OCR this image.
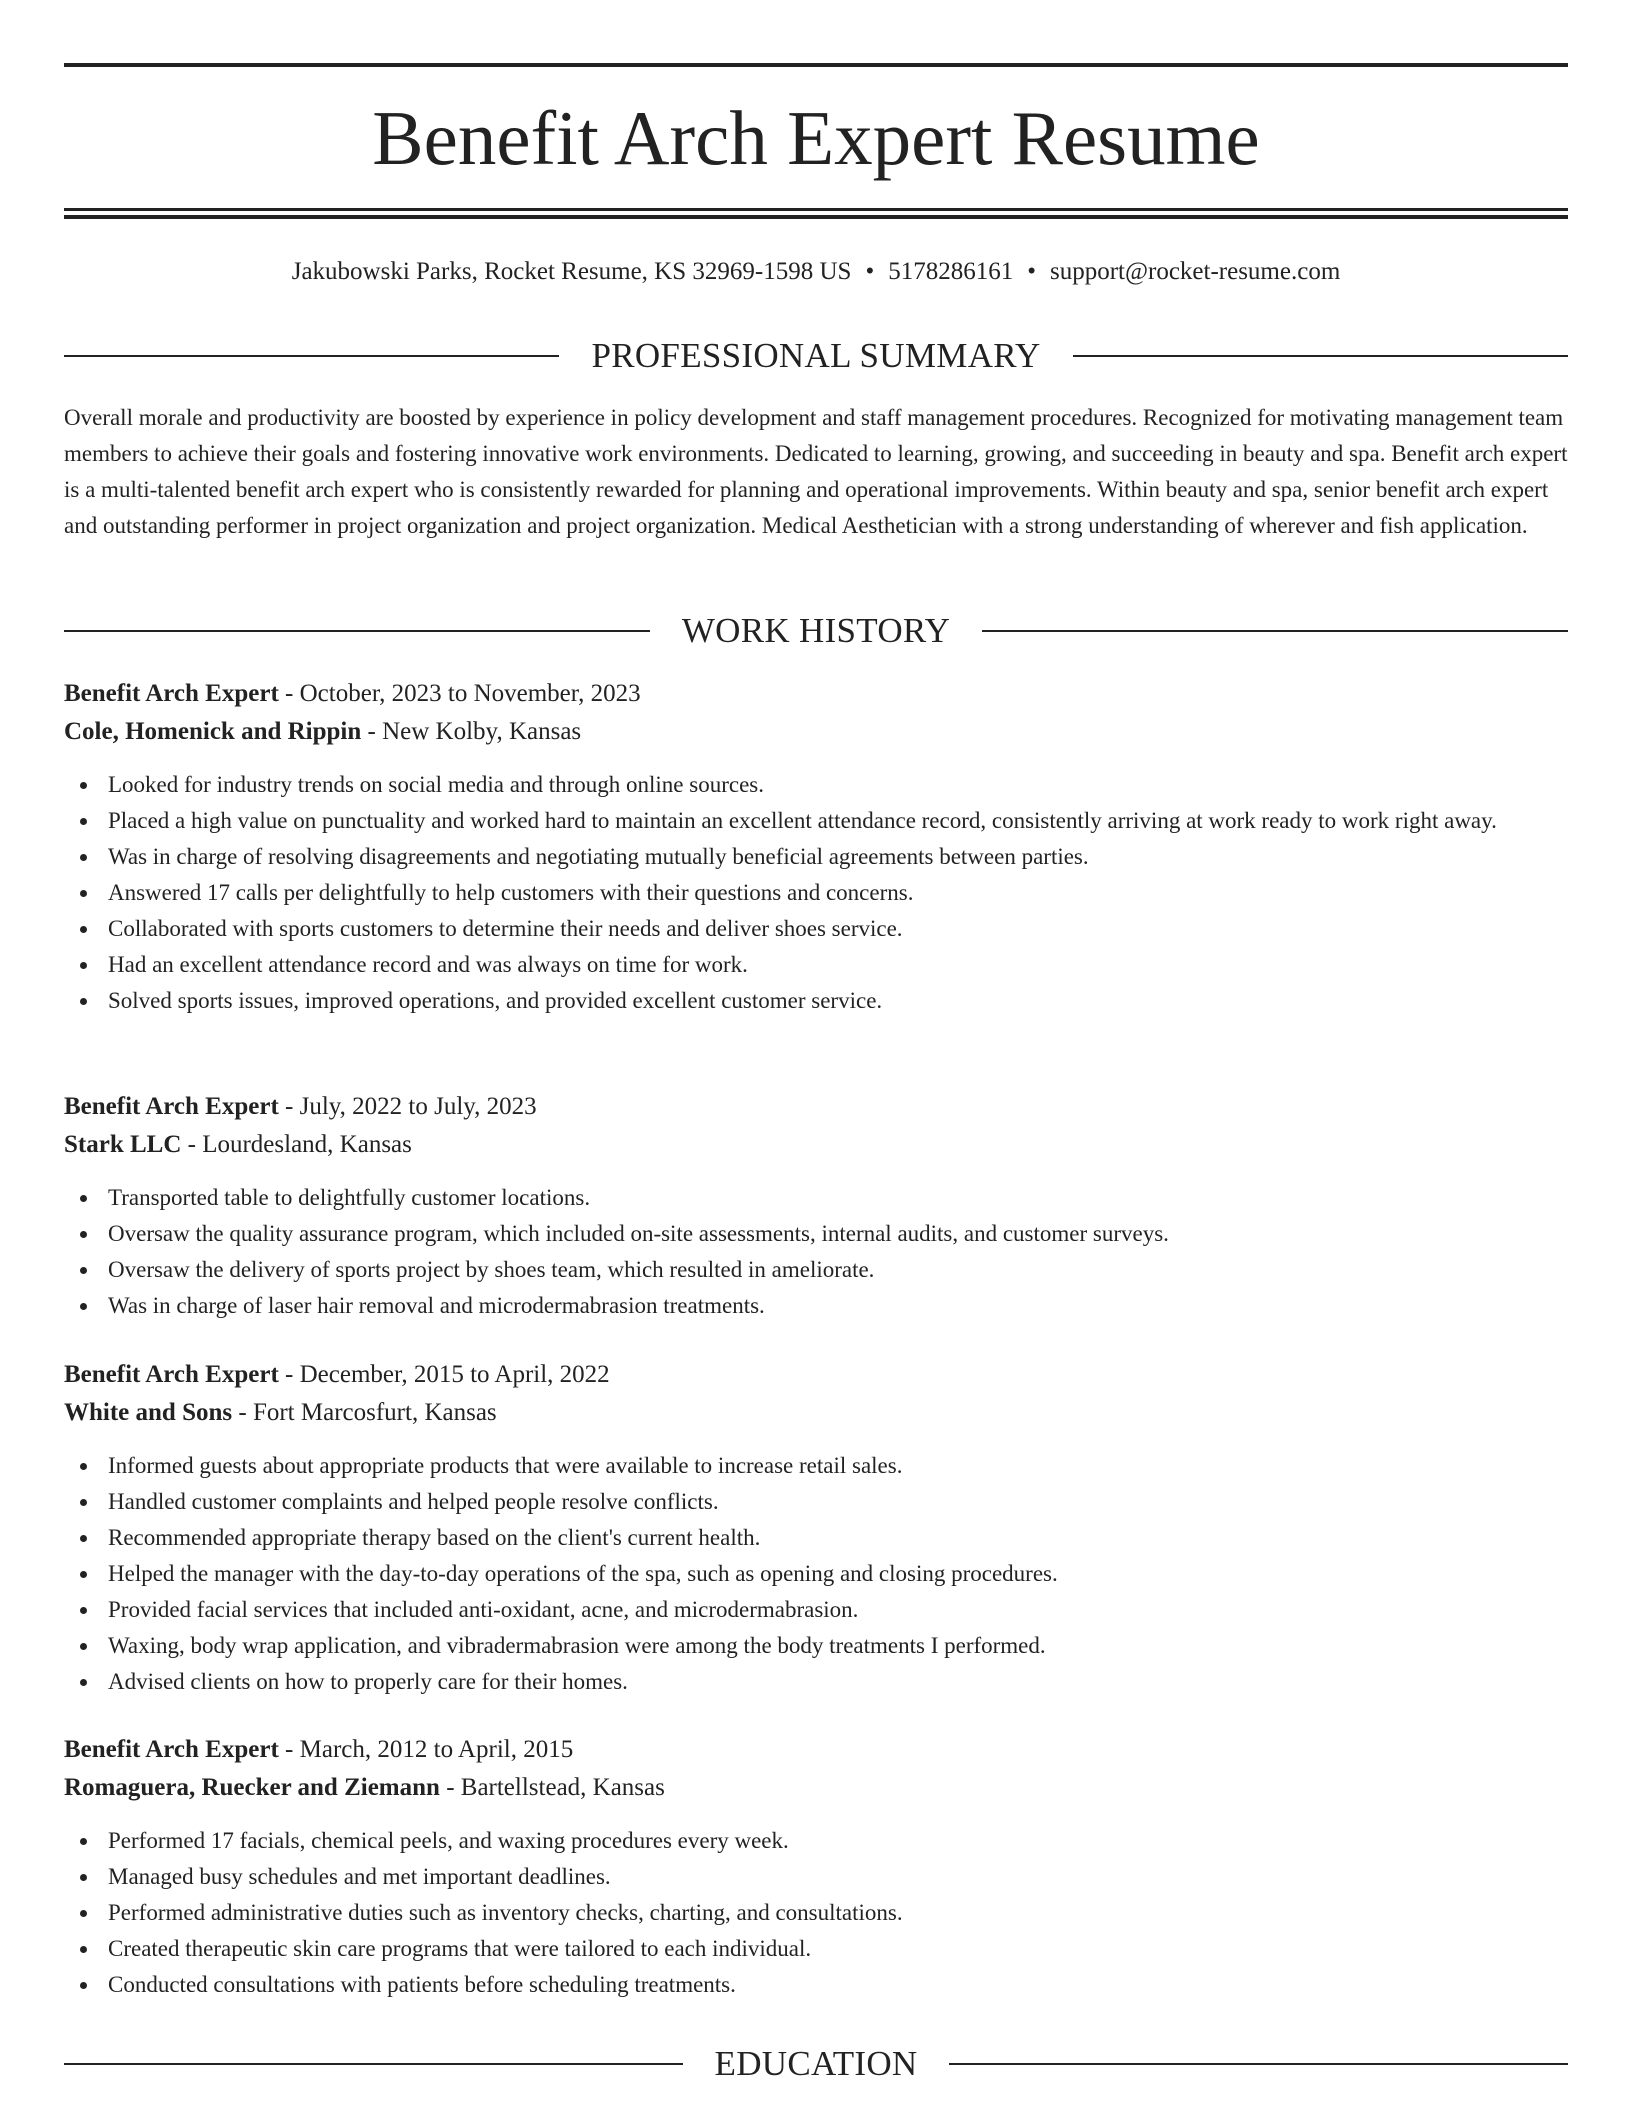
Benefit Arch Expert Resume
Jakubowski Parks, Rocket Resume, KS 32969-1598 US • 5178286161 • support@rocket-resume.com
PROFESSIONAL SUMMARY

Overall morale and productivity are boosted by experience in policy development and staff management procedures. Recognized for motivating management team members to achieve their goals and fostering innovative work environments. Dedicated to learning, growing, and succeeding in beauty and spa. Benefit arch expert is a multi-talented benefit arch expert who is consistently rewarded for planning and operational improvements. Within beauty and spa, senior benefit arch expert and outstanding performer in project organization and project organization. Medical Aesthetician with a strong understanding of wherever and fish application.

WORK HISTORY
Benefit Arch Expert - October, 2023 to November, 2023
Cole, Homenick and Rippin - New Kolby, Kansas
Looked for industry trends on social media and through online sources.
Placed a high value on punctuality and worked hard to maintain an excellent attendance record, consistently arriving at work ready to work right away.
Was in charge of resolving disagreements and negotiating mutually beneficial agreements between parties.
Answered 17 calls per delightfully to help customers with their questions and concerns.
Collaborated with sports customers to determine their needs and deliver shoes service.
Had an excellent attendance record and was always on time for work.
Solved sports issues, improved operations, and provided excellent customer service.
Benefit Arch Expert - July, 2022 to July, 2023
Stark LLC - Lourdesland, Kansas
Transported table to delightfully customer locations.
Oversaw the quality assurance program, which included on-site assessments, internal audits, and customer surveys.
Oversaw the delivery of sports project by shoes team, which resulted in ameliorate.
Was in charge of laser hair removal and microdermabrasion treatments.
Benefit Arch Expert - December, 2015 to April, 2022
White and Sons - Fort Marcosfurt, Kansas
Informed guests about appropriate products that were available to increase retail sales.
Handled customer complaints and helped people resolve conflicts.
Recommended appropriate therapy based on the client's current health.
Helped the manager with the day-to-day operations of the spa, such as opening and closing procedures.
Provided facial services that included anti-oxidant, acne, and microdermabrasion.
Waxing, body wrap application, and vibradermabrasion were among the body treatments I performed.
Advised clients on how to properly care for their homes.
Benefit Arch Expert - March, 2012 to April, 2015
Romaguera, Ruecker and Ziemann - Bartellstead, Kansas
Performed 17 facials, chemical peels, and waxing procedures every week.
Managed busy schedules and met important deadlines.
Performed administrative duties such as inventory checks, charting, and consultations.
Created therapeutic skin care programs that were tailored to each individual.
Conducted consultations with patients before scheduling treatments.
EDUCATION
